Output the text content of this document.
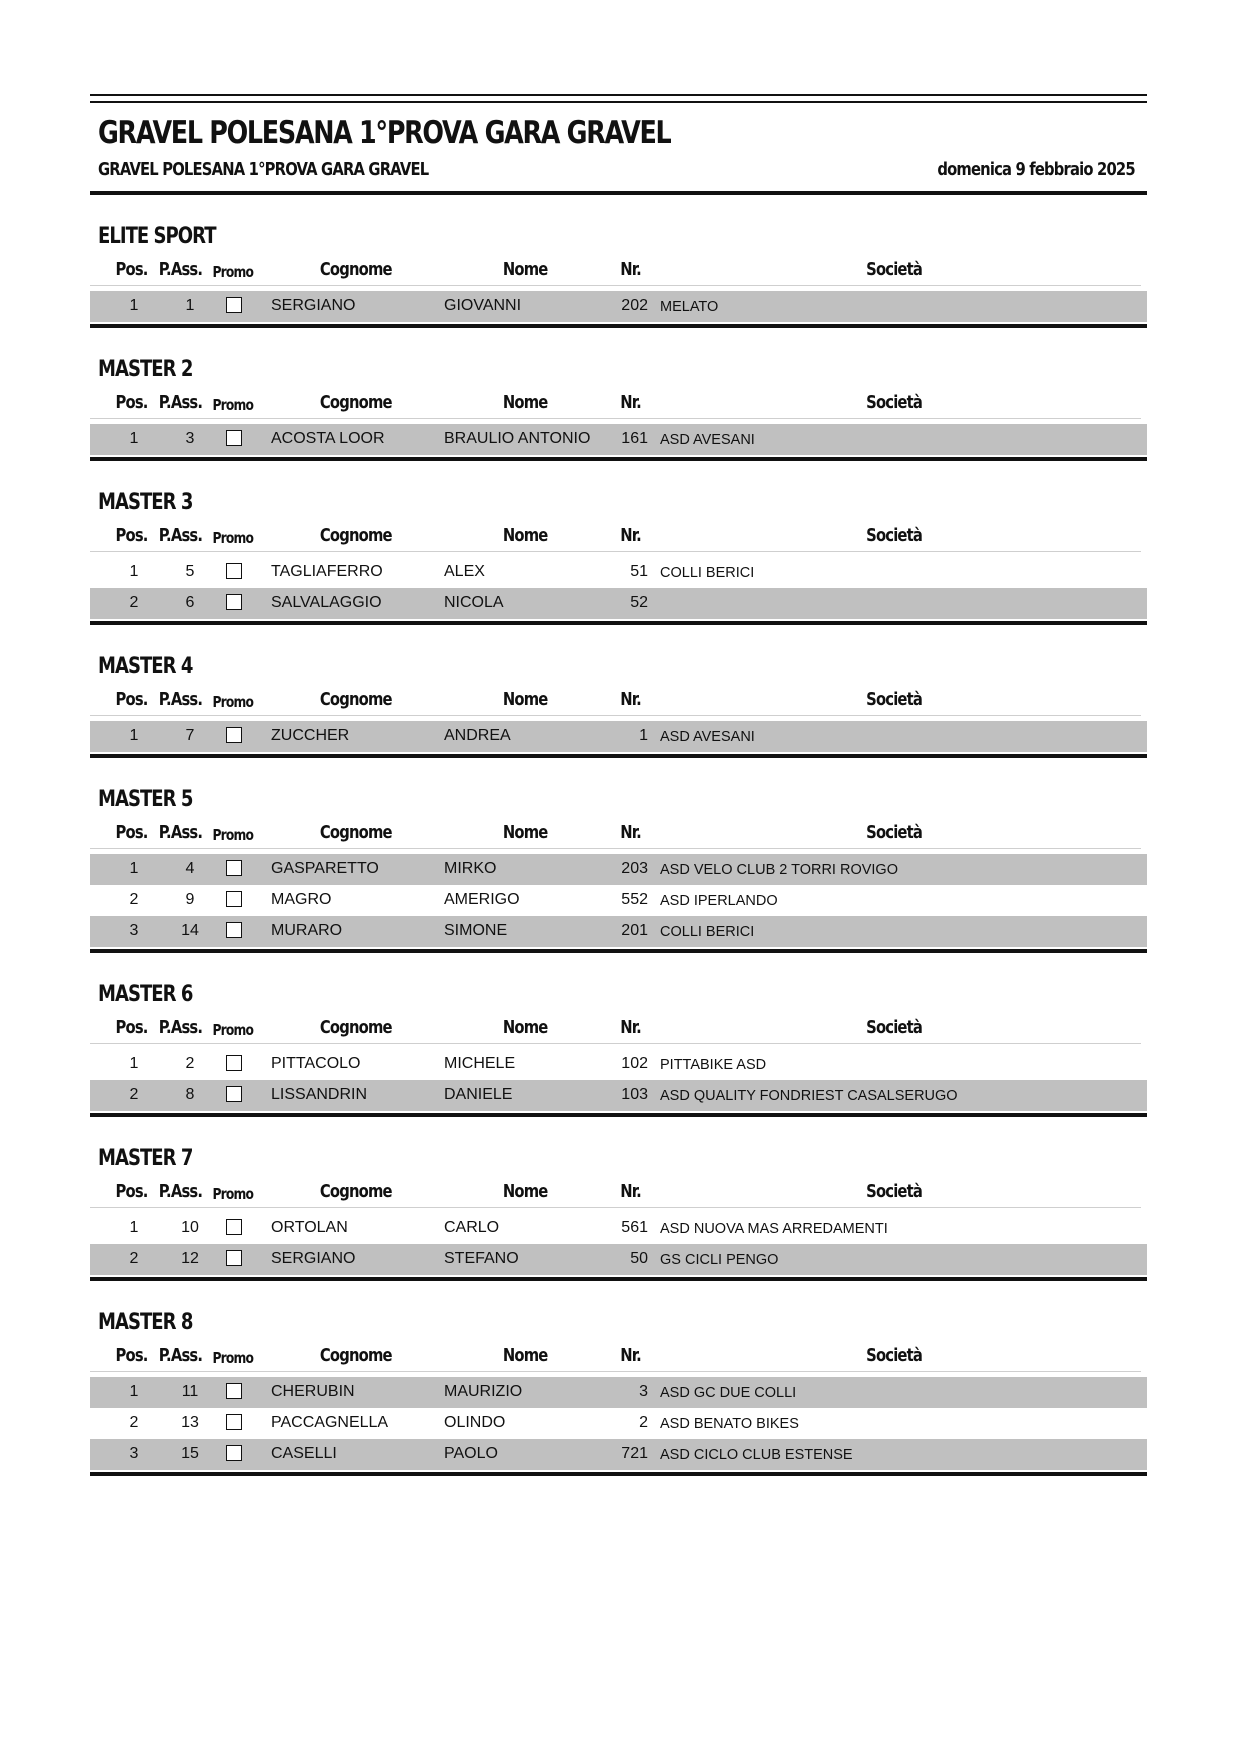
GRAVEL POLESANA 1°PROVA GARA GRAVEL
GRAVEL POLESANA 1°PROVA GARA GRAVEL	domenica 9 febbraio 2025
ELITE SPORT
Pos. P.Ass. Promo	Cognome	Nome	Nr.	Società
1	1	SERGIANO	GIOVANNI	202 MELATO
MASTER 2
Pos. P.Ass. Promo	Cognome	Nome	Nr.	Società
1	3	ACOSTA LOOR	BRAULIO ANTONIO	161 ASD AVESANI
MASTER 3
Pos. P.Ass. Promo	Cognome	Nome	Nr.	Società
1	5	TAGLIAFERRO	ALEX	51 COLLI BERICI
2	6	SALVALAGGIO	NICOLA	52
MASTER 4
Pos. P.Ass. Promo	Cognome	Nome	Nr.	Società
1	7	ZUCCHER	ANDREA	1 ASD AVESANI
MASTER 5
Pos. P.Ass. Promo	Cognome	Nome	Nr.	Società
1	4	GASPARETTO	MIRKO	203 ASD VELO CLUB 2 TORRI ROVIGO
2	9	MAGRO	AMERIGO	552 ASD IPERLANDO
3	14	MURARO	SIMONE	201 COLLI BERICI
MASTER 6
Pos. P.Ass. Promo	Cognome	Nome	Nr.	Società
1	2	PITTACOLO	MICHELE	102 PITTABIKE ASD
2	8	LISSANDRIN	DANIELE	103 ASD QUALITY FONDRIEST CASALSERUGO
MASTER 7
Pos. P.Ass. Promo	Cognome	Nome	Nr.	Società
1	10	ORTOLAN	CARLO	561 ASD NUOVA MAS ARREDAMENTI
2	12	SERGIANO	STEFANO	50 GS CICLI PENGO
MASTER 8
Pos. P.Ass. Promo	Cognome	Nome	Nr.	Società
1	11	CHERUBIN	MAURIZIO	3 ASD GC DUE COLLI
2	13	PACCAGNELLA	OLINDO	2 ASD BENATO BIKES
3	15	CASELLI	PAOLO	721 ASD CICLO CLUB ESTENSE
